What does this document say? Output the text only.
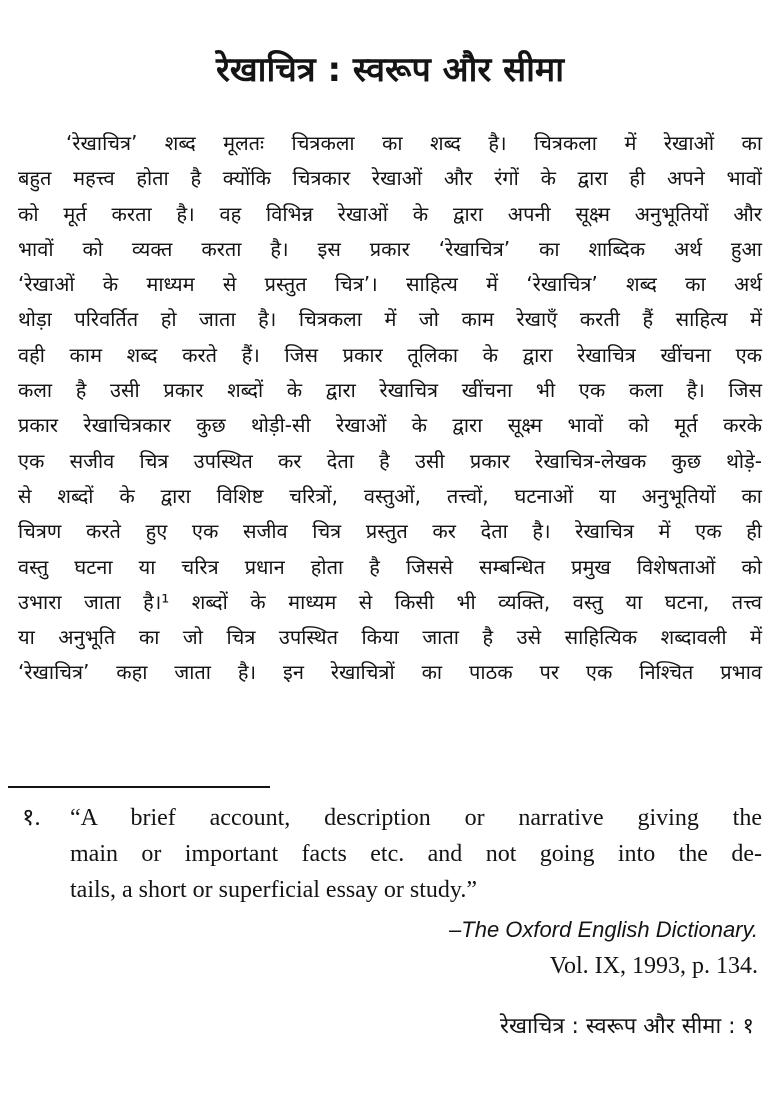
रेखाचित्र : स्वरूप और सीमा
‘रेखाचित्र’ शब्द मूलतः चित्रकला का शब्द है। चित्रकला में रेखाओं का
बहुत महत्त्व होता है क्योंकि चित्रकार रेखाओं और रंगों के द्वारा ही अपने भावों
को मूर्त करता है। वह विभिन्न रेखाओं के द्वारा अपनी सूक्ष्म अनुभूतियों और
भावों को व्यक्त करता है। इस प्रकार ‘रेखाचित्र’ का शाब्दिक अर्थ हुआ
‘रेखाओं के माध्यम से प्रस्तुत चित्र’। साहित्य में ‘रेखाचित्र’ शब्द का अर्थ
थोड़ा परिवर्तित हो जाता है। चित्रकला में जो काम रेखाएँ करती हैं साहित्य में
वही काम शब्द करते हैं। जिस प्रकार तूलिका के द्वारा रेखाचित्र खींचना एक
कला है उसी प्रकार शब्दों के द्वारा रेखाचित्र खींचना भी एक कला है। जिस
प्रकार रेखाचित्रकार कुछ थोड़ी-सी रेखाओं के द्वारा सूक्ष्म भावों को मूर्त करके
एक सजीव चित्र उपस्थित कर देता है उसी प्रकार रेखाचित्र-लेखक कुछ थोड़े-
से शब्दों के द्वारा विशिष्ट चरित्रों, वस्तुओं, तत्त्वों, घटनाओं या अनुभूतियों का
चित्रण करते हुए एक सजीव चित्र प्रस्तुत कर देता है। रेखाचित्र में एक ही
वस्तु घटना या चरित्र प्रधान होता है जिससे सम्बन्धित प्रमुख विशेषताओं को
उभारा जाता है।¹ शब्दों के माध्यम से किसी भी व्यक्ति, वस्तु या घटना, तत्त्व
या अनुभूति का जो चित्र उपस्थित किया जाता है उसे साहित्यिक शब्दावली में
‘रेखाचित्र’ कहा जाता है। इन रेखाचित्रों का पाठक पर एक निश्चित प्रभाव
१.	“A brief account, description or narrative giving the
main or important facts etc. and not going into the de-
tails, a short or superficial essay or study.”
–The Oxford English Dictionary.
Vol. IX, 1993, p. 134.
रेखाचित्र : स्वरूप और सीमा : १
